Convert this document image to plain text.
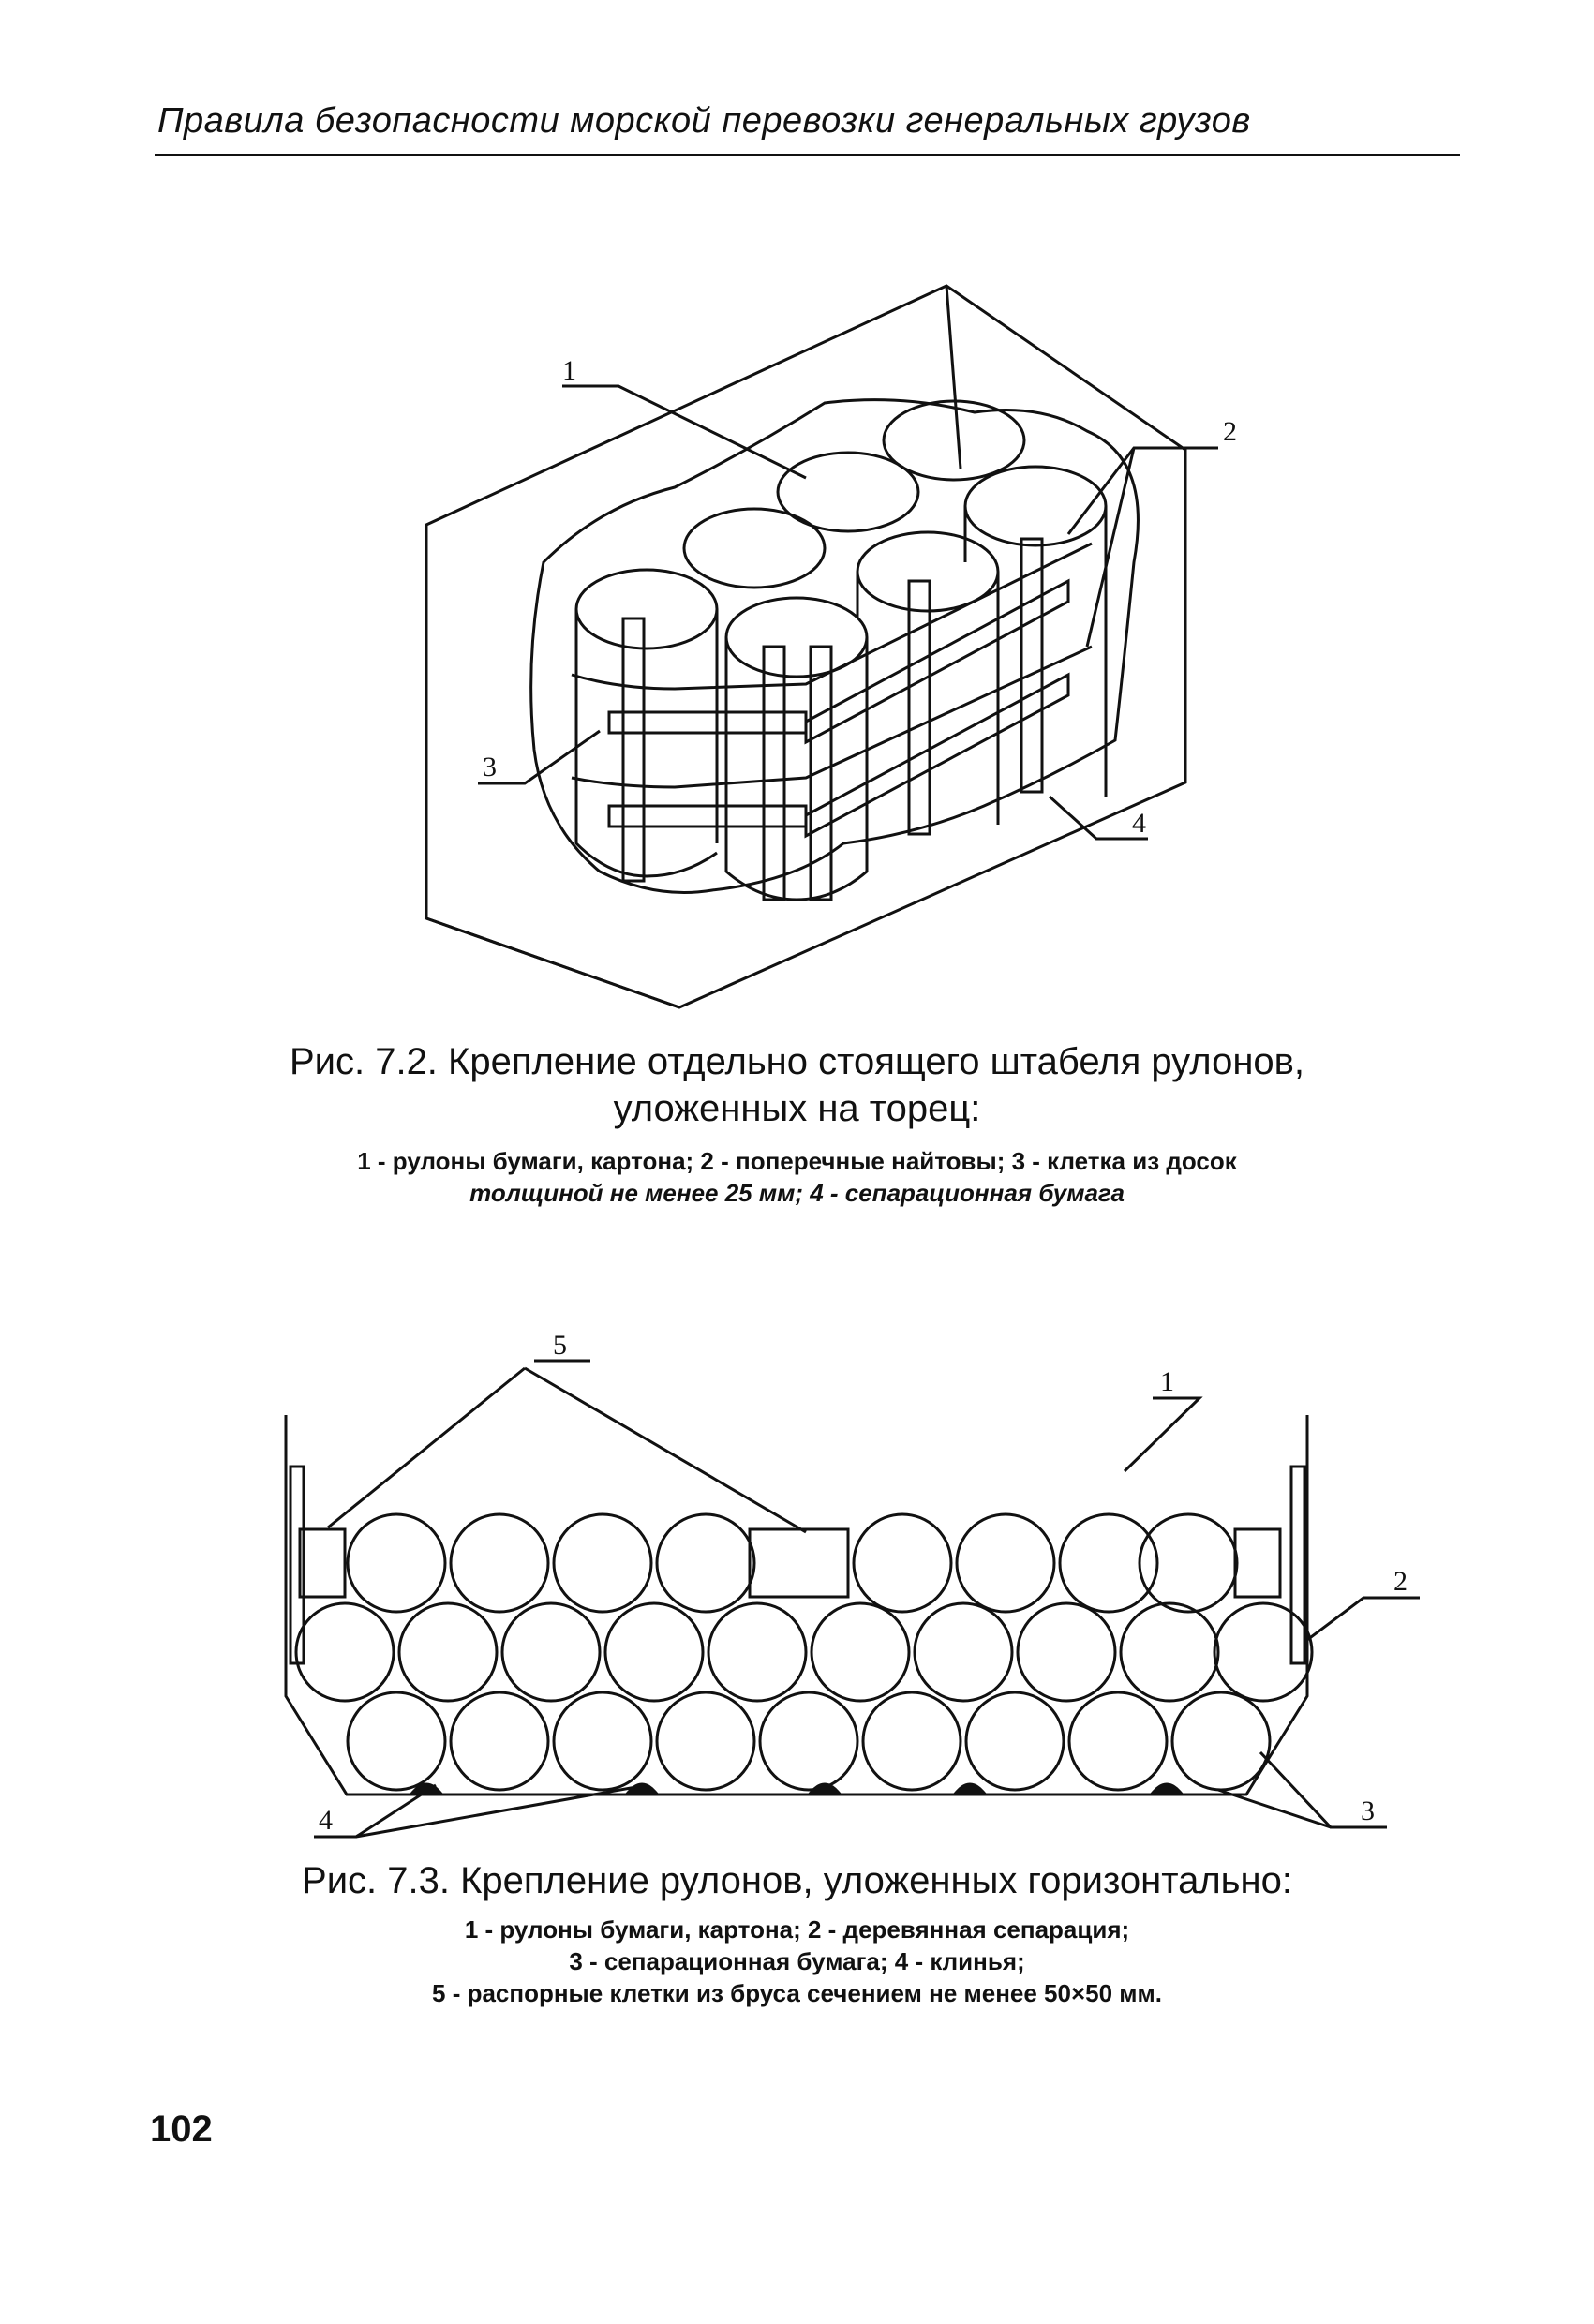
Правила безопасности морской перевозки генеральных грузов
1
2
3
4
Рис. 7.2. Крепление отдельно стоящего штабеля рулонов,
уложенных на торец:
1 - рулоны бумаги, картона; 2 - поперечные найтовы; 3 - клетка из досок
толщиной не менее 25 мм; 4 - сепарационная бумага
5
1
2
3
4
Рис. 7.3. Крепление рулонов, уложенных горизонтально:
1 - рулоны бумаги, картона; 2 - деревянная сепарация;
3 - сепарационная бумага; 4 - клинья;
5 - распорные клетки из бруса сечением не менее 50×50 мм.
102
